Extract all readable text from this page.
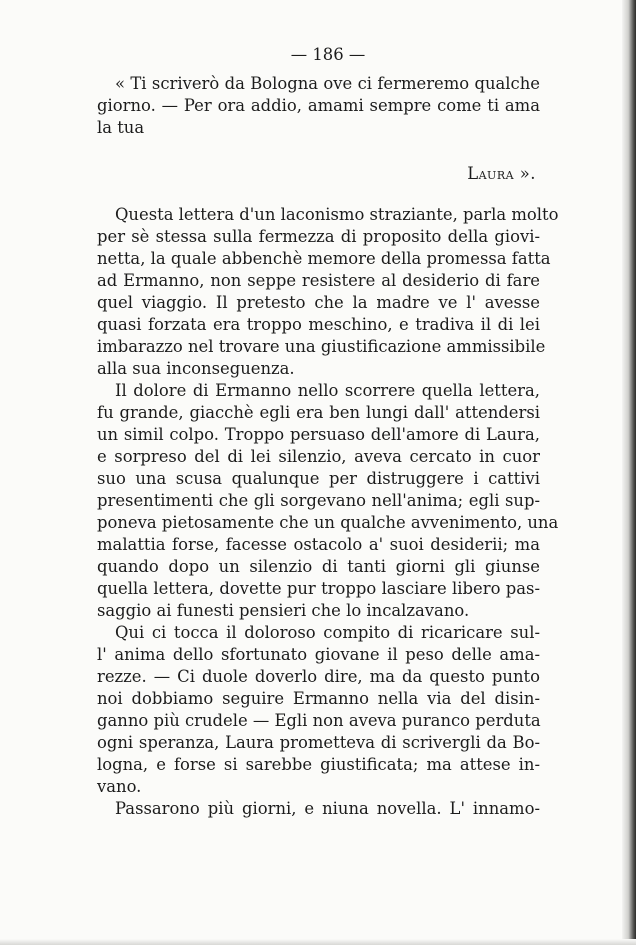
— 186 —
« Ti scriverò da Bologna ove ci fermeremo qualche
giorno. — Per ora addio, amami sempre come ti ama
la tua
Laura ».
Questa lettera d'un laconismo straziante, parla molto
per sè stessa sulla fermezza di proposito della giovi-
netta, la quale abbenchè memore della promessa fatta
ad Ermanno, non seppe resistere al desiderio di fare
quel viaggio. Il pretesto che la madre ve l' avesse
quasi forzata era troppo meschino, e tradiva il di lei
imbarazzo nel trovare una giustificazione ammissibile
alla sua inconseguenza.
Il dolore di Ermanno nello scorrere quella lettera,
fu grande, giacchè egli era ben lungi dall' attendersi
un simil colpo. Troppo persuaso dell'amore di Laura,
e sorpreso del di lei silenzio, aveva cercato in cuor
suo una scusa qualunque per distruggere i cattivi
presentimenti che gli sorgevano nell'anima; egli sup-
poneva pietosamente che un qualche avvenimento, una
malattia forse, facesse ostacolo a' suoi desiderii; ma
quando dopo un silenzio di tanti giorni gli giunse
quella lettera, dovette pur troppo lasciare libero pas-
saggio ai funesti pensieri che lo incalzavano.
Qui ci tocca il doloroso compito di ricaricare sul-
l' anima dello sfortunato giovane il peso delle ama-
rezze. — Ci duole doverlo dire, ma da questo punto
noi dobbiamo seguire Ermanno nella via del disin-
ganno più crudele — Egli non aveva puranco perduta
ogni speranza, Laura prometteva di scrivergli da Bo-
logna, e forse si sarebbe giustificata; ma attese in-
vano.
Passarono più giorni, e niuna novella. L' innamo-
